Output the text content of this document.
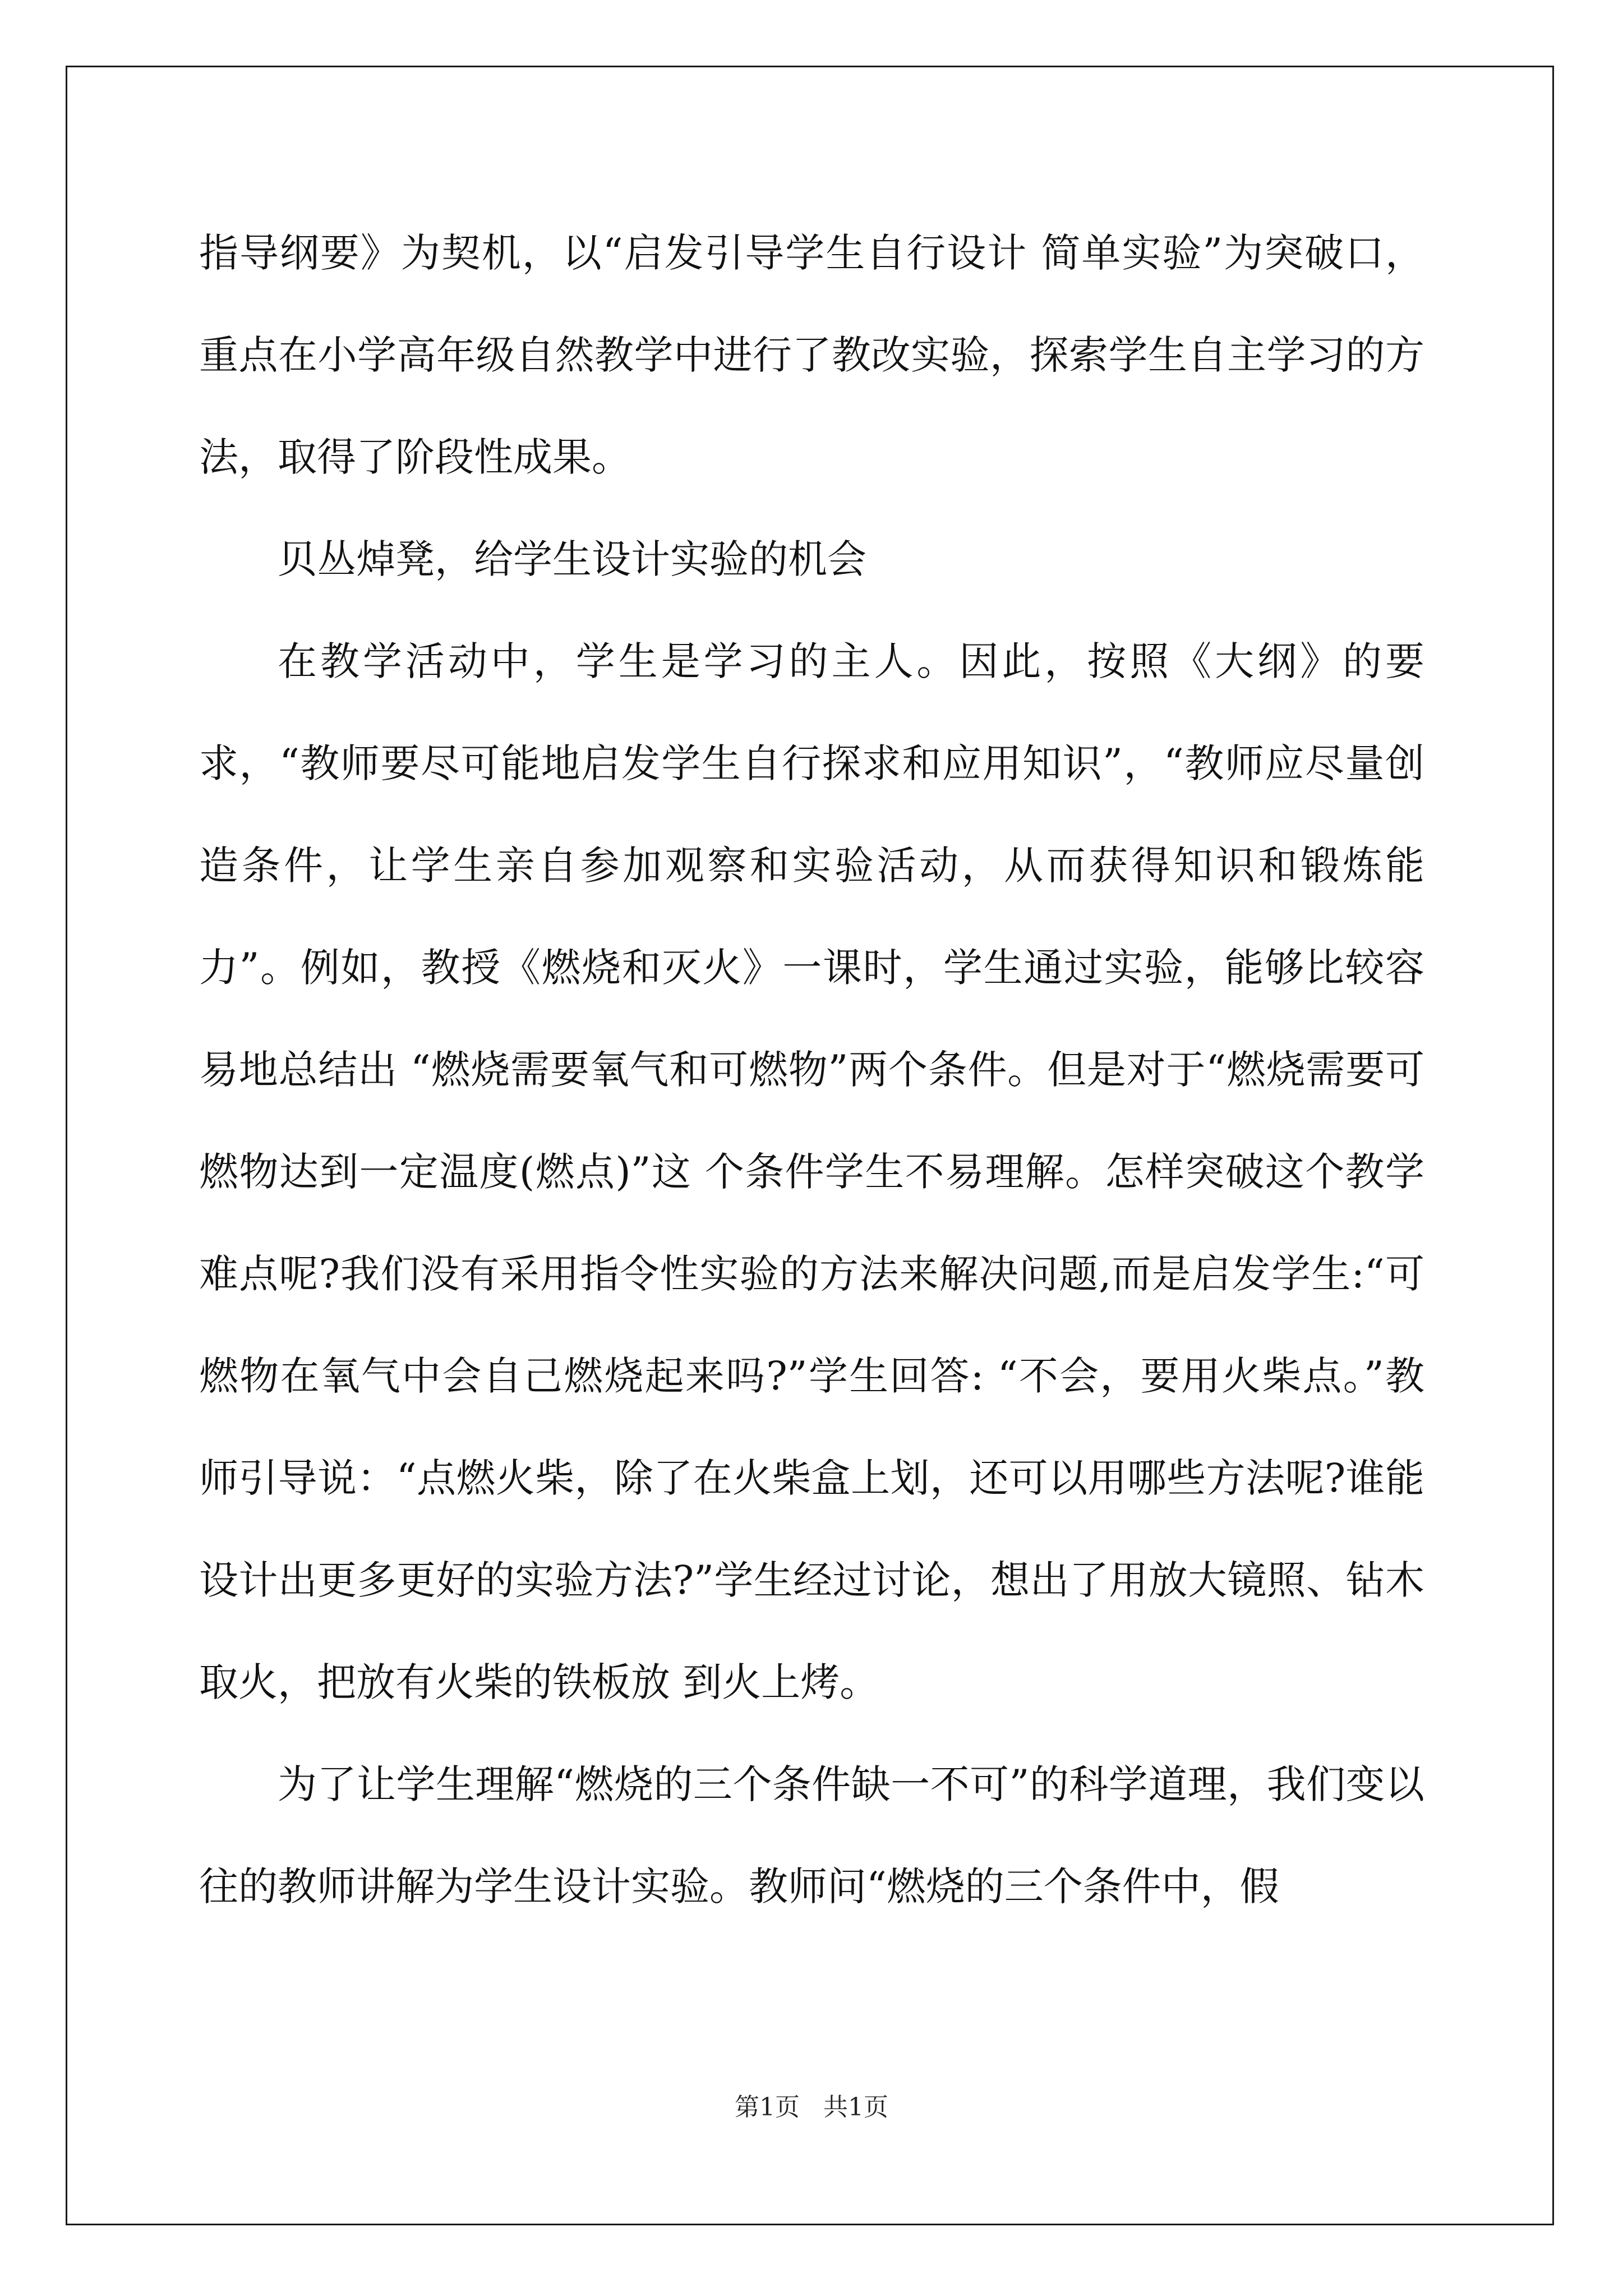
指导纲要》为契机，以“启发引导学生自行设计 简单实验”为突破口，重点在小学高年级自然教学中进行了教改实验，探索学生自主学习的方法，取得了阶段性成果。

贝丛焯凳，给学生设计实验的机会

在教学活动中，学生是学习的主人。因此，按照《大纲》的要求，“教师要尽可能地启发学生自行探求和应用知识”，“教师应尽量创造条件，让学生亲自参加观察和实验活动，从而获得知识和锻炼能力”。例如，教授《燃烧和灭火》一课时，学生通过实验，能够比较容易地总结出 “燃烧需要氧气和可燃物”两个条件。但是对于“燃烧需要可燃物达到一定温度(燃点)”这 个条件学生不易理解。怎样突破这个教学难点呢?我们没有采用指令性实验的方法来解决问题,而是启发学生:“可燃物在氧气中会自己燃烧起来吗?”学生回答: “不会，要用火柴点。”教师引导说：“点燃火柴，除了在火柴盒上划，还可以用哪些方法呢?谁能设计出更多更好的实验方法?”学生经过讨论，想出了用放大镜照、钻木取火，把放有火柴的铁板放 到火上烤。

为了让学生理解“燃烧的三个条件缺一不可”的科学道理，我们变以往的教师讲解为学生设计实验。教师问“燃烧的三个条件中，假

第1页 共1页
